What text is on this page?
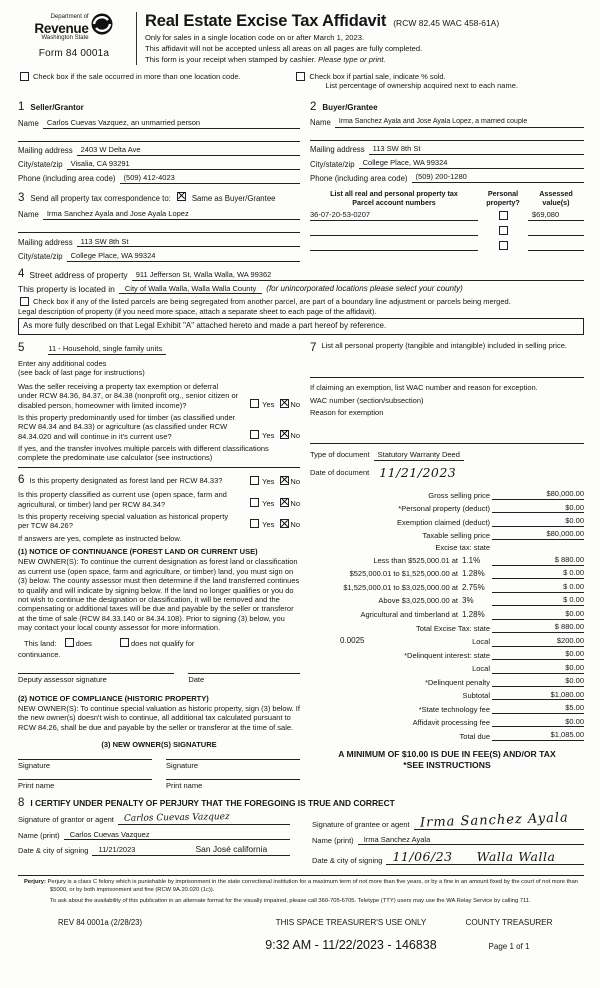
Department of
Revenue
Washington State
Form 84 0001a
Real Estate Excise Tax Affidavit (RCW 82.45 WAC 458-61A)
Only for sales in a single location code on or after March 1, 2023.
This affidavit will not be accepted unless all areas on all pages are fully completed.
This form is your receipt when stamped by cashier. Please type or print.
Check box if the sale occurred in more than one location code.	Check box if partial sale, indicate % sold.
List percentage of ownership acquired next to each name.
1 Seller/Grantor
Name	Carlos Cuevas Vazquez, an unmarried person
Mailing address	2403 W Delta Ave
City/state/zip	Visalia, CA 93291
Phone (including area code)	(509) 412-4023
3 Send all property tax correspondence to:	Same as Buyer/Grantee
Name	Irma Sanchez Ayala and Jose Ayala Lopez
Mailing address	113 SW 8th St
City/state/zip	College Place, WA 99324
2 Buyer/Grantee
Name	Irma Sanchez Ayala and Jose Ayala Lopez, a married couple
Mailing address	113 SW 8th St
City/state/zip	College Place, WA 99324
Phone (including area code)	(509) 200-1280
List all real and personal property tax
Parcel account numbers
Personal
property?
Assessed
value(s)
36-07-20-53-0207	$69,080
4 Street address of property	911 Jefferson St, Walla Walla, WA 99362
This property is located in	City of Walla Walla, Walla Walla County	(for unincorporated locations please select your county)
Check box if any of the listed parcels are being segregated from another parcel, are part of a boundary line adjustment or parcels being merged.
Legal description of property (if you need more space, attach a separate sheet to each page of the affidavit).
As more fully described on that Legal Exhibit "A" attached hereto and made a part hereof by reference.
5	11 - Household, single family units
Enter any additional codes
(see back of last page for instructions)
Was the seller receiving a property tax exemption or deferral under RCW 84.36, 84.37, or 84.38 (nonprofit org., senior citizen or disabled person, homeowner with limited income)?	Yes No
Is this property predominantly used for timber (as classified under RCW 84.34 and 84.33) or agriculture (as classified under RCW 84.34.020 and will continue in it's current use?	Yes No
If yes, and the transfer involves multiple parcels with different classifications complete the predominate use calculator (see instructions)
6 Is this property designated as forest land per RCW 84.33?	Yes No
Is this property classified as current use (open space, farm and agricultural, or timber) land per RCW 84.34?	Yes No
Is this property receiving special valuation as historical property per TCW 84.26?	Yes No
If answers are yes, complete as instructed below.
(1) NOTICE OF CONTINUANCE (FOREST LAND OR CURRENT USE)
NEW OWNER(S): To continue the current designation as forest land or classification as current use (open space, farm and agriculture, or timber) land, you must sign on (3) below. The county assessor must then determine if the land transferred continues to qualify and will indicate by signing below. If the land no longer qualifies or you do not wish to continue the designation or classification, it will be removed and the compensating or additional taxes will be due and payable by the seller or transferor at the time of sale (RCW 84.33.140 or 84.34.108). Prior to signing (3) below, you may contact your local county assessor for more information.
This land:	does	does not qualify for
continuance.
Deputy assessor signature	Date
(2) NOTICE OF COMPLIANCE (HISTORIC PROPERTY)
NEW OWNER(S): To continue special valuation as historic property, sign (3) below. If the new owner(s) doesn't wish to continue, all additional tax calculated pursuant to RCW 84.26, shall be due and payable by the seller or transferor at the time of sale.
(3) NEW OWNER(S) SIGNATURE
Signature	Signature
Print name	Print name
7 List all personal property (tangible and intangible) included in selling price.
If claiming an exemption, list WAC number and reason for exception.
WAC number (section/subsection)
Reason for exemption
Type of document	Statutory Warranty Deed
Date of document 11/21/2023
Gross selling price	$80,000.00
*Personal property (deduct)	$0.00
Exemption claimed (deduct)	$0.00
Taxable selling price	$80,000.00
Excise tax: state
Less than $525,000.01 at 1.1%	$ 880.00
$525,000.01 to $1,525,000.00 at 1.28%	$ 0.00
$1,525,000.01 to $3,025,000.00 at 2.75%	$ 0.00
Above $3,025,000.00 at 3%	$ 0.00
Agricultural and timberland at 1.28%	$0.00
Total Excise Tax: state	$ 880.00
0.0025	Local	$200.00
*Delinquent interest: state	$0.00
Local	$0.00
*Delinquent penalty	$0.00
Subtotal	$1,080.00
*State technology fee	$5.00
Affidavit processing fee	$0.00
Total due	$1,085.00
A MINIMUM OF $10.00 IS DUE IN FEE(S) AND/OR TAX
*SEE INSTRUCTIONS
8 I CERTIFY UNDER PENALTY OF PERJURY THAT THE FOREGOING IS TRUE AND CORRECT
Signature of grantor or agent	Carlos Cuevas Vazquez
Name (print)	Carlos Cuevas Vazquez
Date & city of signing	11/21/2023	San José california
Signature of grantee or agent Irma Sanchez Ayala
Name (print)	Irma Sanchez Ayala
Date & city of signing 11/06/23 Walla Walla

Perjury: Perjury is a class C felony which is punishable by imprisonment in the state correctional institution for a maximum term of not more than five years, or by a fine in an amount fixed by the court of not more than $5000, or by both imprisonment and fine (RCW 9A.20.020 (1c)).

To ask about the availability of this publication in an alternate format for the visually impaired, please call 360-705-6705. Teletype (TTY) users may use the WA Relay Service by calling 711.

REV 84 0001a (2/28/23)	THIS SPACE TREASURER'S USE ONLY	COUNTY TREASURER
9:32 AM - 11/22/2023 - 146838	Page 1 of 1
